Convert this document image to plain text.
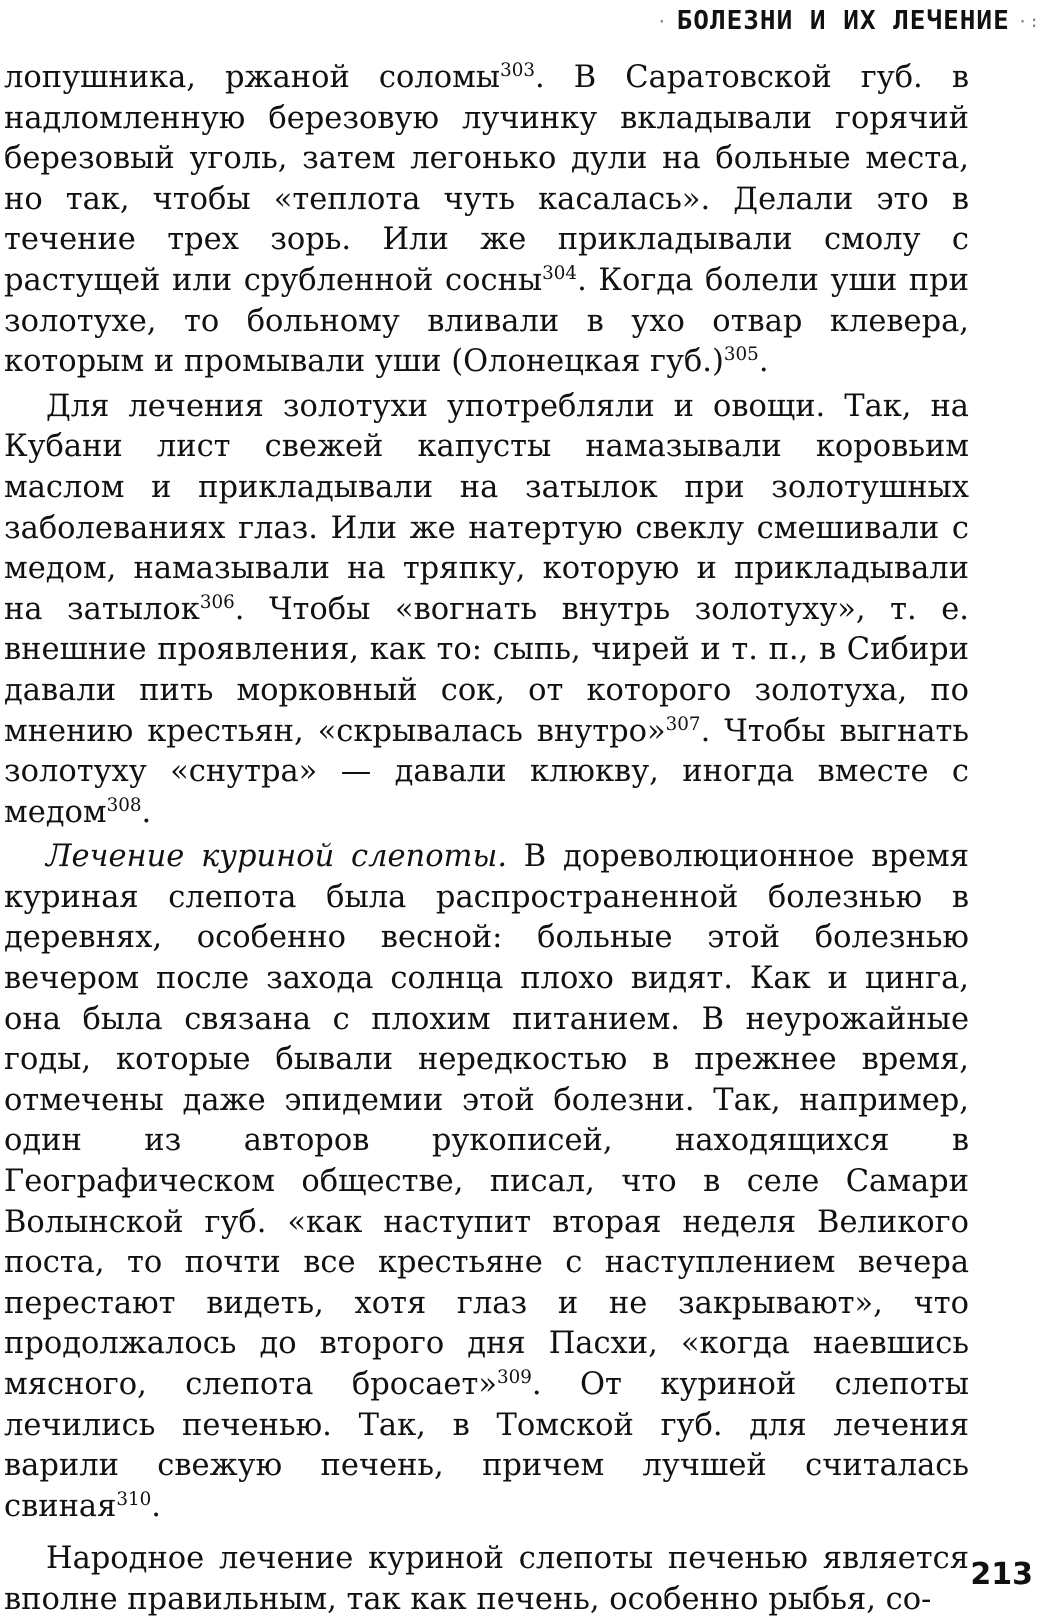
· БОЛЕЗНИ И ИХ ЛЕЧЕНИЕ ·:

лопушника, ржаной соломы$^{303}$. В Саратовской губ. в надломленную березовую лучинку вкладывали горячий березовый уголь, затем легонько дули на больные места, но так, чтобы «теплота чуть касалась». Делали это в течение трех зорь. Или же прикладывали смолу с растущей или срубленной сосны$^{304}$. Когда болели уши при золотухе, то больному вливали в ухо отвар клевера, которым и промывали уши (Олонецкая губ.)$^{305}$.

Для лечения золотухи употребляли и овощи. Так, на Кубани лист свежей капусты намазывали коровьим маслом и прикладывали на затылок при золотушных заболеваниях глаз. Или же натертую свеклу смешивали с медом, намазывали на тряпку, которую и прикладывали на затылок$^{306}$. Чтобы «вогнать внутрь золотуху», т. е. внешние проявления, как то: сыпь, чирей и т. п., в Сибири давали пить морковный сок, от которого золотуха, по мнению крестьян, «скрывалась внутро»$^{307}$. Чтобы выгнать золотуху «снутра» — давали клюкву, иногда вместе с медом$^{308}$.

Лечение куриной слепоты. В дореволюционное время куриная слепота была распространенной болезнью в деревнях, особенно весной: больные этой болезнью вечером после захода солнца плохо видят. Как и цинга, она была связана с плохим питанием. В неурожайные годы, которые бывали нередкостью в прежнее время, отмечены даже эпидемии этой болезни. Так, например, один из авторов рукописей, находящихся в Географическом обществе, писал, что в селе Самари Волынской губ. «как наступит вторая неделя Великого поста, то почти все крестьяне с наступлением вечера перестают видеть, хотя глаз и не закрывают», что продолжалось до второго дня Пасхи, «когда наевшись мясного, слепота бросает»$^{309}$. От куриной слепоты лечились печенью. Так, в Томской губ. для лечения варили свежую печень, причем лучшей считалась свиная$^{310}$.

Народное лечение куриной слепоты печенью является вполне правильным, так как печень, особенно рыбья, со-

213
